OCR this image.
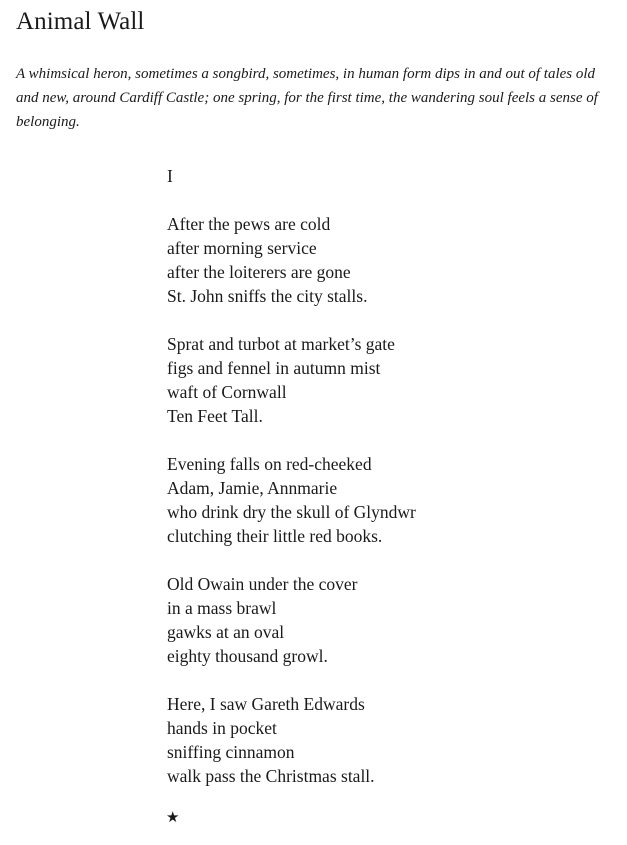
Animal Wall

A whimsical heron, sometimes a songbird, sometimes, in human form dips in and out of tales old and new, around Cardiff Castle; one spring, for the first time, the wandering soul feels a sense of belonging.

I
After the pews are cold
after morning service
after the loiterers are gone
St. John sniffs the city stalls.
Sprat and turbot at market’s gate
figs and fennel in autumn mist
waft of Cornwall
Ten Feet Tall.
Evening falls on red-cheeked
Adam, Jamie, Annmarie
who drink dry the skull of Glyndwr
clutching their little red books.
Old Owain under the cover
in a mass brawl
gawks at an oval
eighty thousand growl.
Here, I saw Gareth Edwards
hands in pocket
sniffing cinnamon
walk pass the Christmas stall.
★
